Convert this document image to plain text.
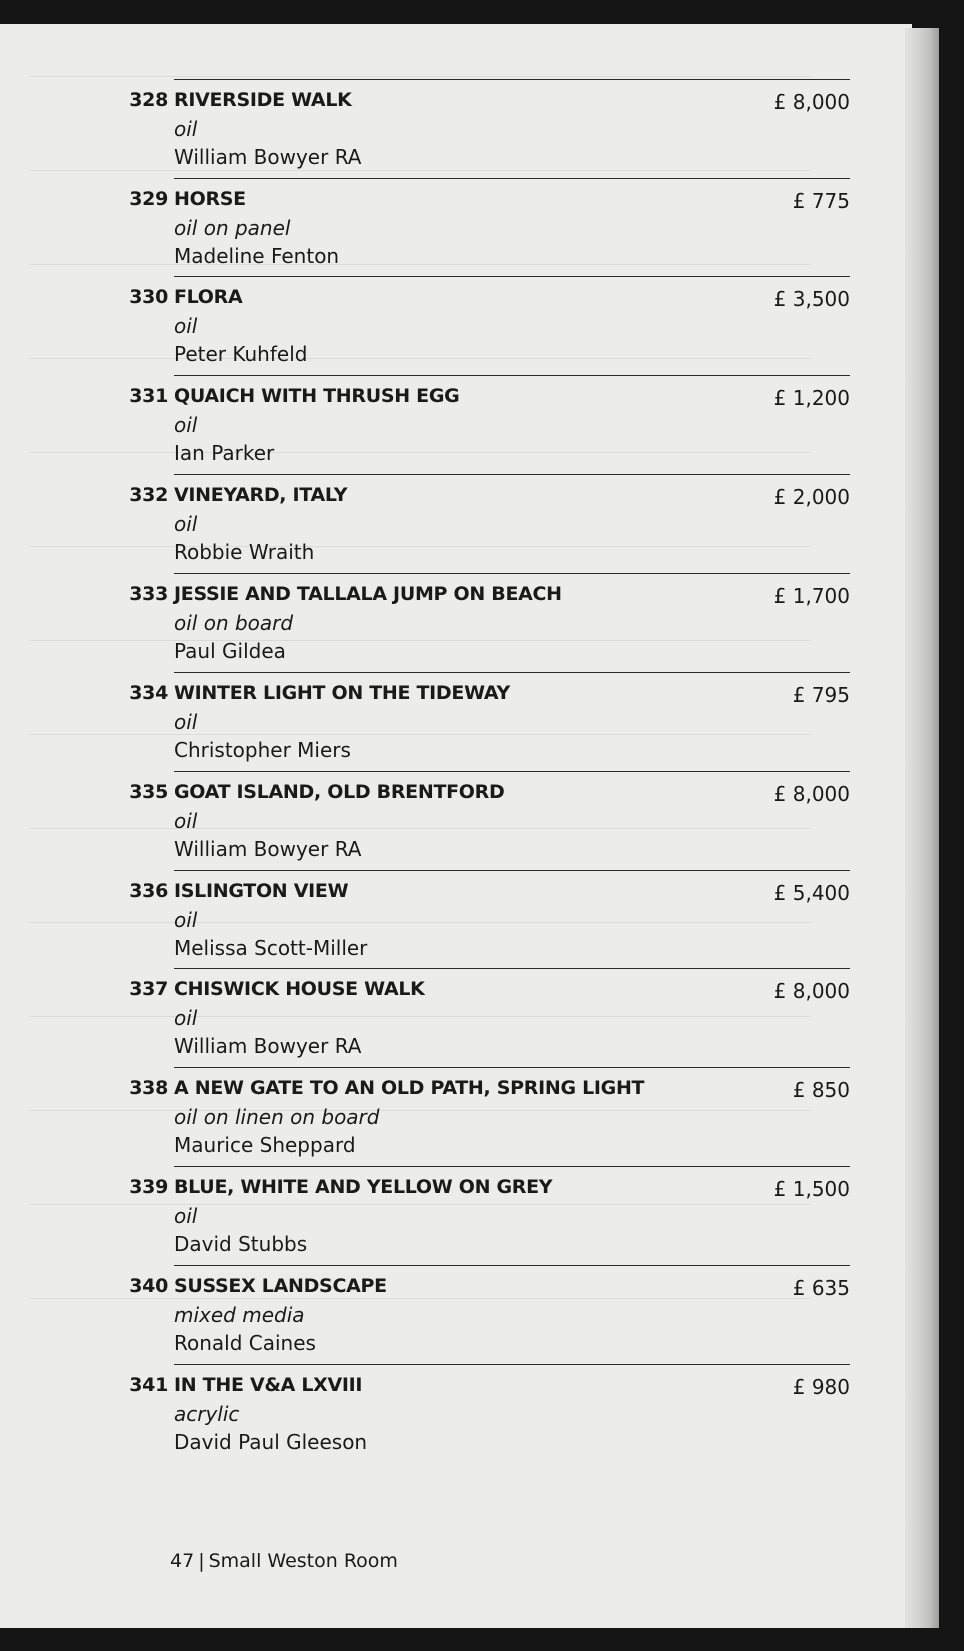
328 RIVERSIDE WALK
oil
William Bowyer RA
£ 8,000
329 HORSE
oil on panel
Madeline Fenton
£ 775
330 FLORA
oil
Peter Kuhfeld
£ 3,500
331 QUAICH WITH THRUSH EGG
oil
Ian Parker
£ 1,200
332 VINEYARD, ITALY
oil
Robbie Wraith
£ 2,000
333 JESSIE AND TALLALA JUMP ON BEACH
oil on board
Paul Gildea
£ 1,700
334 WINTER LIGHT ON THE TIDEWAY
oil
Christopher Miers
£ 795
335 GOAT ISLAND, OLD BRENTFORD
oil
William Bowyer RA
£ 8,000
336 ISLINGTON VIEW
oil
Melissa Scott-Miller
£ 5,400
337 CHISWICK HOUSE WALK
oil
William Bowyer RA
£ 8,000
338 A NEW GATE TO AN OLD PATH, SPRING LIGHT
oil on linen on board
Maurice Sheppard
£ 850
339 BLUE, WHITE AND YELLOW ON GREY
oil
David Stubbs
£ 1,500
340 SUSSEX LANDSCAPE
mixed media
Ronald Caines
£ 635
341 IN THE V&A LXVIII
acrylic
David Paul Gleeson
£ 980
47 | Small Weston Room
